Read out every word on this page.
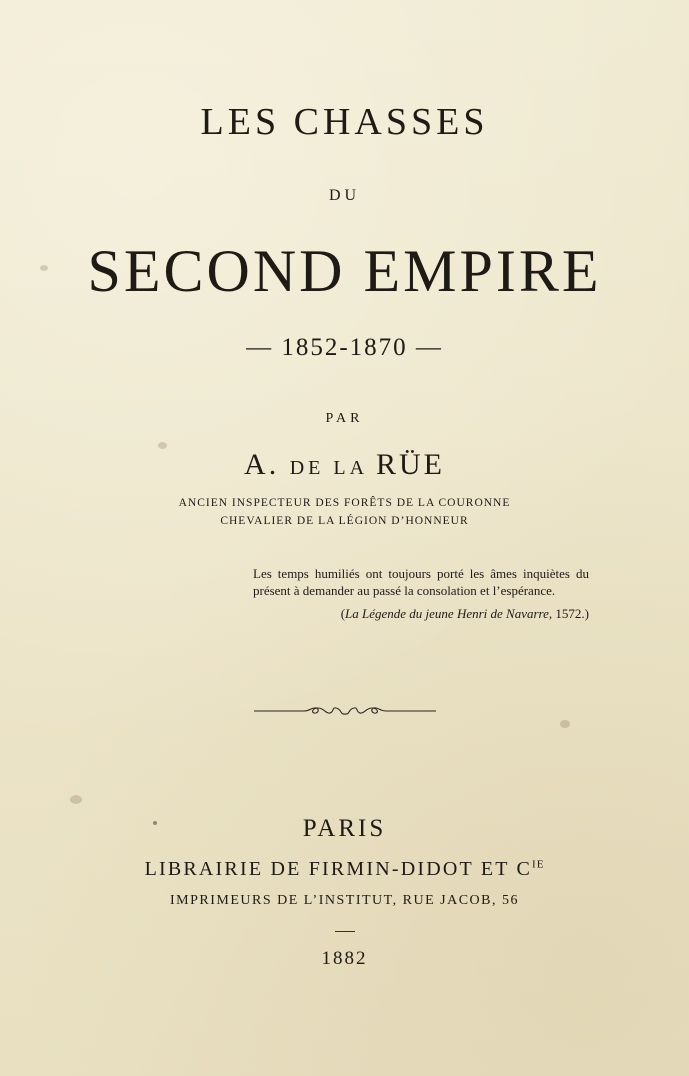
LES CHASSES
DU
SECOND EMPIRE
— 1852-1870 —
PAR
A. DE LA RÜE
ANCIEN INSPECTEUR DES FORÊTS DE LA COURONNE
CHEVALIER DE LA LÉGION D’HONNEUR
Les temps humiliés ont toujours porté les âmes inquiètes du présent à demander au passé la consolation et l’espérance.
(La Légende du jeune Henri de Navarre, 1572.)
PARIS
LIBRAIRIE DE FIRMIN-DIDOT ET $C^{IE}$
IMPRIMEURS DE L’INSTITUT, RUE JACOB, 56
1882
